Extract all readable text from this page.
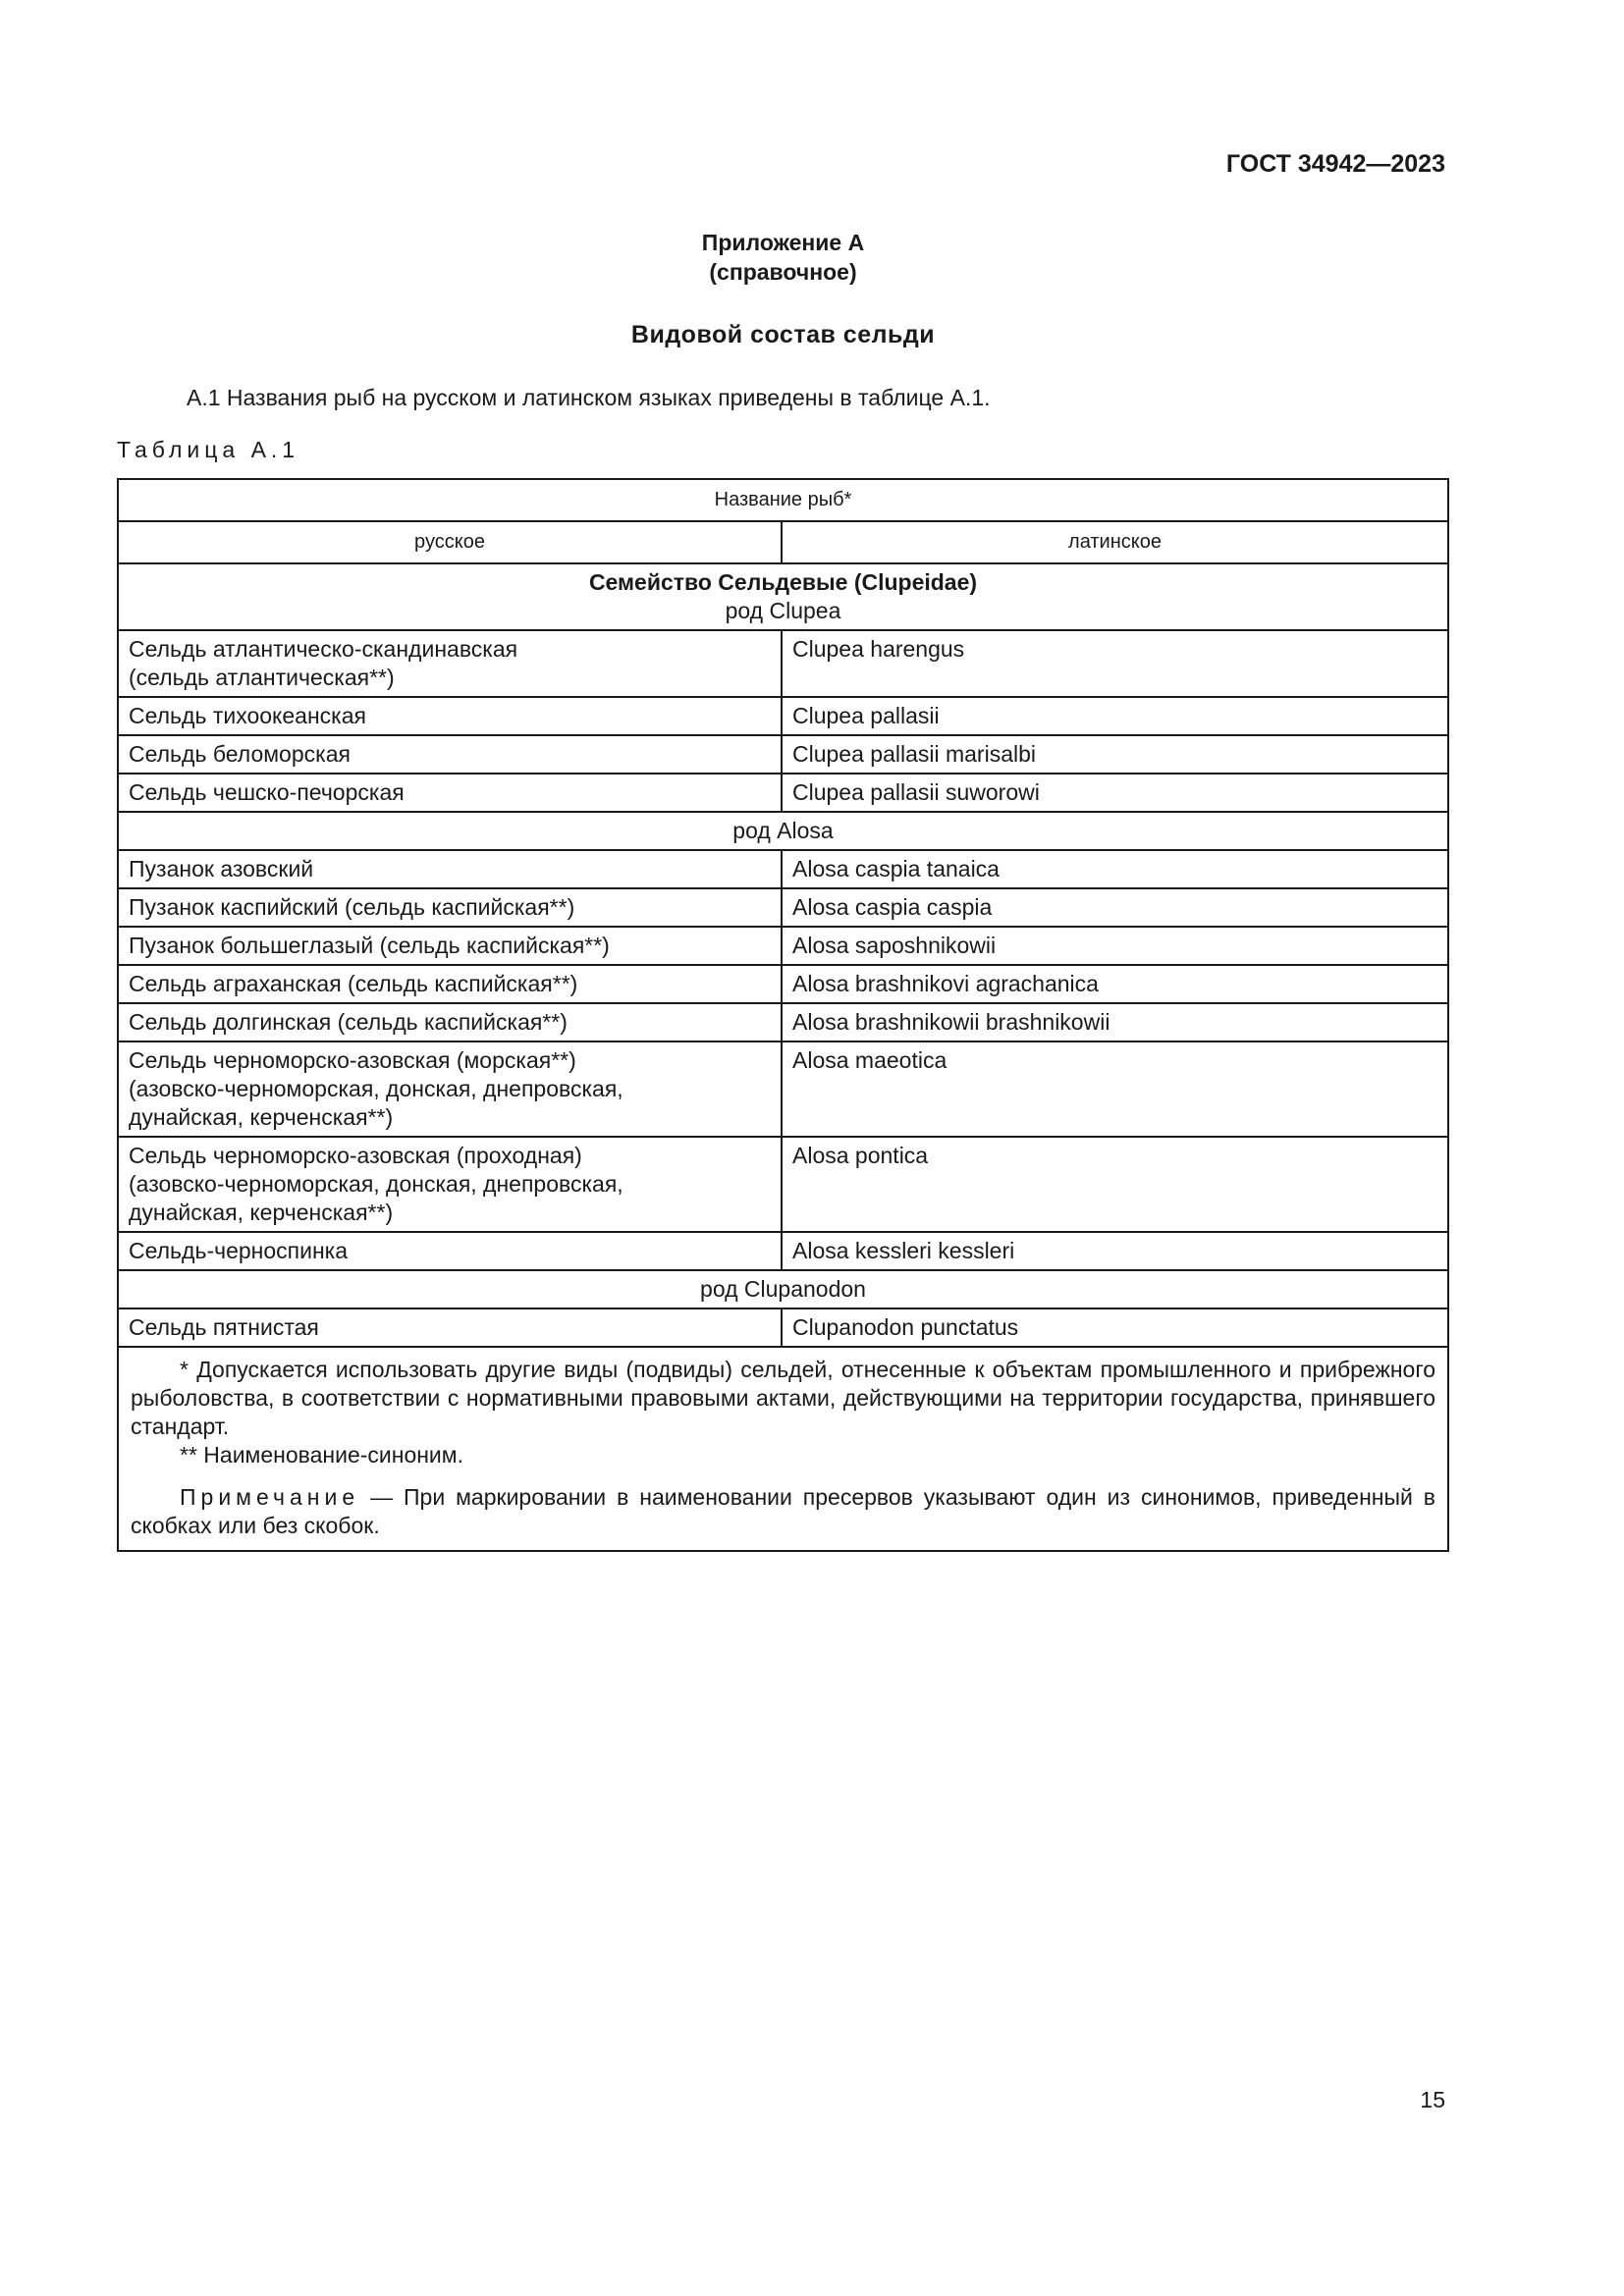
ГОСТ 34942—2023
Приложение А
(справочное)
Видовой состав сельди
А.1 Названия рыб на русском и латинском языках приведены в таблице А.1.
Таблица А.1
Название рыб*	
русское	латинское

Семейство Сельдевые (Clupeidae)
род Clupea	

Сельдь атлантическо-скандинавская
(сельдь атлантическая**)	Clupea harengus
Сельдь тихоокеанская	Clupea pallasii
Сельдь беломорская	Clupea pallasii marisalbi
Сельдь чешско-печорская	Clupea pallasii suworowi
род Alosa	
Пузанок азовский	Alosa caspia tanaica
Пузанок каспийский (сельдь каспийская**)	Alosa caspia caspia
Пузанок большеглазый (сельдь каспийская**)	Alosa saposhnikowii
Сельдь аграханская (сельдь каспийская**)	Alosa brashnikovi agrachanica
Сельдь долгинская (сельдь каспийская**)	Alosa brashnikowii brashnikowii
Сельдь черноморско-азовская (морская**)
(азовско-черноморская, донская, днепровская,
дунайская, керченская**)	Alosa maeotica
Сельдь черноморско-азовская (проходная)
(азовско-черноморская, донская, днепровская,
дунайская, керченская**)	Alosa pontica
Сельдь-черноспинка	Alosa kessleri kessleri
род Clupanodon	
Сельдь пятнистая	Clupanodon punctatus

* Допускается использовать другие виды (подвиды) сельдей, отнесенные к объектам промышленного и прибрежного рыболовства, в соответствии с нормативными правовыми актами, действующими на территории государства, принявшего стандарт.

** Наименование-синоним.

Примечание — При маркировании в наименовании пресервов указывают один из синонимов, приведенный в скобках или без скобок.	

15
